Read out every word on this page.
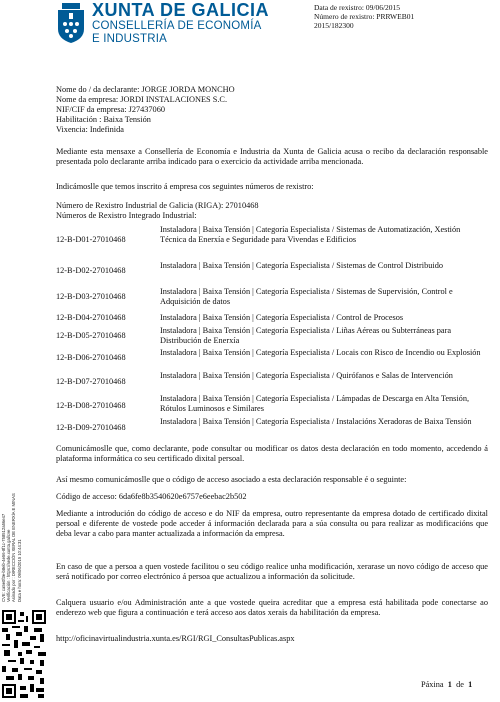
XUNTA DE GALICIA
CONSELLERÍA DE ECONOMÍA
E INDUSTRIA
Data de rexistro: 09/06/2015
Número de rexistro: PRRWEB01
2015/182300
CVE: ca5e0f3e-b8eb-4e56-8f1c-758512a56e47 Verificación : https://sede.xunta.gal/cve Asinado por : DIRECCIÓN XERAL DE ENERXÍA E MINAS Data e hora: 09/06/2015 10:44:31
Nome do / da declarante: JORGE JORDA MONCHO
Nome da empresa: JORDI INSTALACIONES S.C.
NIF/CIF da empresa: J27437060
Habilitación : Baixa Tensión
Vixencia: Indefinida
Mediante esta mensaxe a Consellería de Economía e Industria da Xunta de Galicia acusa o recibo da declaración responsable presentada polo declarante arriba indicado para o exercicio da actividade arriba mencionada.
Indicámoslle que temos inscrito á empresa cos seguintes números de rexistro:
Número de Rexistro Industrial de Galicia (RIGA): 27010468
Números de Rexistro Integrado Industrial:
12-B-D01-27010468
Instaladora | Baixa Tensión | Categoría Especialista / Sistemas de Automatización, Xestión Técnica da Enerxía e Seguridade para Vivendas e Edificios
12-B-D02-27010468
Instaladora | Baixa Tensión | Categoría Especialista / Sistemas de Control Distribuido
12-B-D03-27010468
Instaladora | Baixa Tensión | Categoría Especialista / Sistemas de Supervisión, Control e Adquisición de datos
12-B-D04-27010468	Instaladora | Baixa Tensión | Categoría Especialista / Control de Procesos
12-B-D05-27010468
Instaladora | Baixa Tensión | Categoría Especialista / Liñas Aéreas ou Subterráneas para Distribución de Enerxía
12-B-D06-27010468
Instaladora | Baixa Tensión | Categoría Especialista / Locais con Risco de Incendio ou Explosión
12-B-D07-27010468
Instaladora | Baixa Tensión | Categoría Especialista / Quirófanos e Salas de Intervención
12-B-D08-27010468
Instaladora | Baixa Tensión | Categoría Especialista / Lámpadas de Descarga en Alta Tensión, Rótulos Luminosos e Similares
12-B-D09-27010468
Instaladora | Baixa Tensión | Categoría Especialista / Instalacións Xeradoras de Baixa Tensión
Comunicámoslle que, como declarante, pode consultar ou modificar os datos desta declaración en todo momento, accedendo á plataforma informática co seu certificado dixital persoal.
Así mesmo comunicámoslle que o código de acceso asociado a esta declaración responsable é o seguinte:
Código de acceso: 6da6fe8b3540620e6757e6eebac2b502
Mediante a introdución do código de acceso e do NIF da empresa, outro representante da empresa dotado de certificado dixital persoal e diferente de vostede pode acceder á información declarada para a súa consulta ou para realizar as modificacións que deba levar a cabo para manter actualizada a información da empresa.
En caso de que a persoa a quen vostede facilitou o seu código realice unha modificación, xerarase un novo código de acceso que será notificado por correo electrónico á persoa que actualizou a información da solicitude.
Calquera usuario e/ou Administración ante a que vostede queira acreditar que a empresa está habilitada pode conectarse ao enderezo web que figura a continuación e terá acceso aos datos xerais da habilitación da empresa.
http://oficinavirtualindustria.xunta.es/RGI/RGI_ConsultasPublicas.aspx
Páxina 1 de 1
